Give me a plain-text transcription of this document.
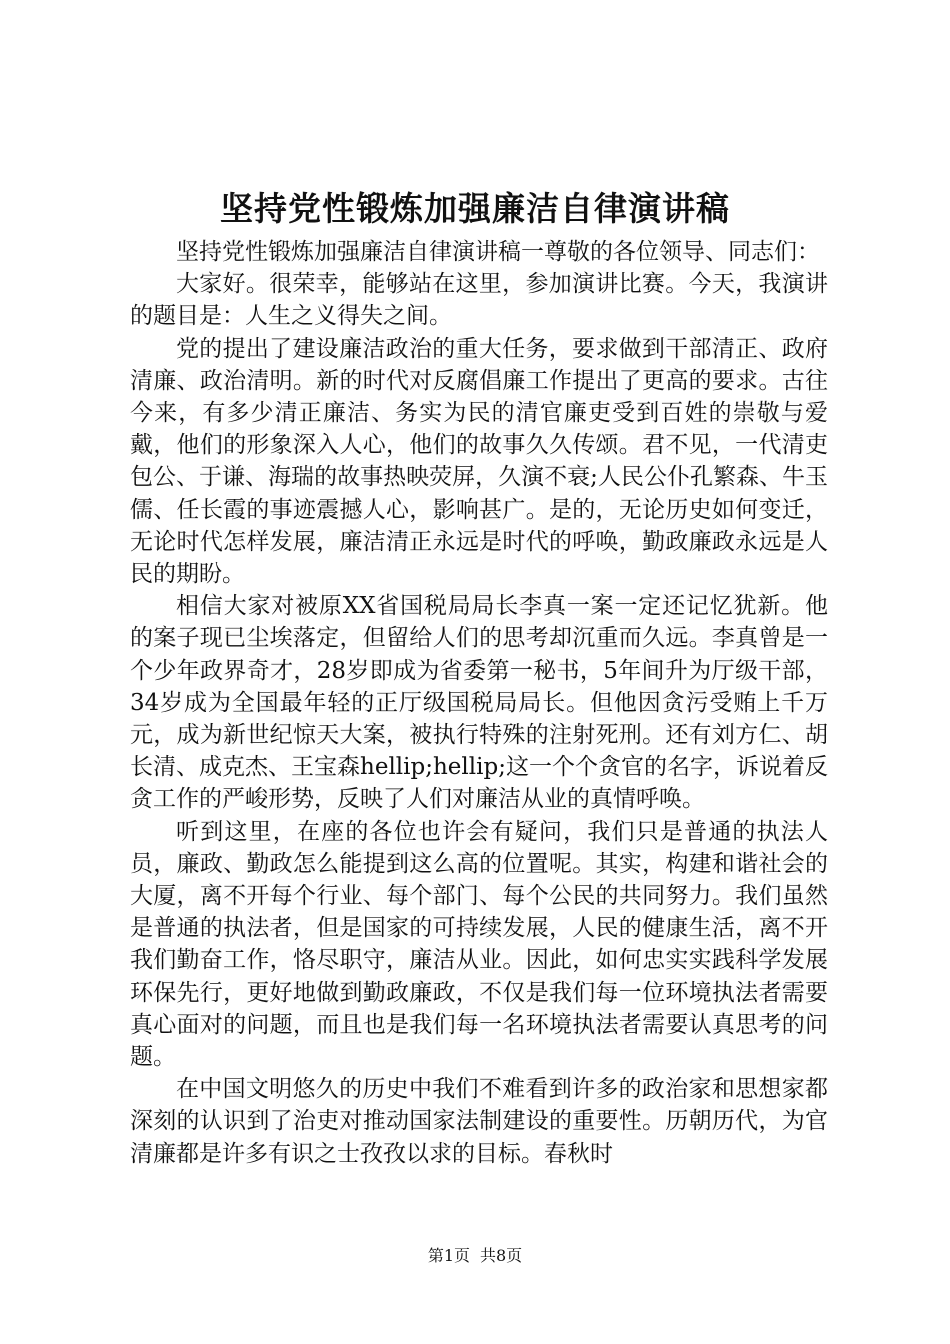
坚持党性锻炼加强廉洁自律演讲稿

坚持党性锻炼加强廉洁自律演讲稿一尊敬的各位领导、同志们：

大家好。很荣幸，能够站在这里，参加演讲比赛。今天，我演讲的题目是：人生之义得失之间。

党的提出了建设廉洁政治的重大任务，要求做到干部清正、政府清廉、政治清明。新的时代对反腐倡廉工作提出了更高的要求。古往今来，有多少清正廉洁、务实为民的清官廉吏受到百姓的崇敬与爱戴，他们的形象深入人心，他们的故事久久传颂。君不见，一代清吏包公、于谦、海瑞的故事热映荧屏，久演不衰;人民公仆孔繁森、牛玉儒、任长霞的事迹震撼人心，影响甚广。是的，无论历史如何变迁，无论时代怎样发展，廉洁清正永远是时代的呼唤，勤政廉政永远是人民的期盼。

相信大家对被原XX省国税局局长李真一案一定还记忆犹新。他的案子现已尘埃落定，但留给人们的思考却沉重而久远。李真曾是一个少年政界奇才，28岁即成为省委第一秘书，5年间升为厅级干部，34岁成为全国最年轻的正厅级国税局局长。但他因贪污受贿上千万元，成为新世纪惊天大案，被执行特殊的注射死刑。还有刘方仁、胡长清、成克杰、王宝森hellip;hellip;这一个个贪官的名字，诉说着反贪工作的严峻形势，反映了人们对廉洁从业的真情呼唤。

听到这里，在座的各位也许会有疑问，我们只是普通的执法人员，廉政、勤政怎么能提到这么高的位置呢。其实，构建和谐社会的大厦，离不开每个行业、每个部门、每个公民的共同努力。我们虽然是普通的执法者，但是国家的可持续发展，人民的健康生活，离不开我们勤奋工作，恪尽职守，廉洁从业。因此，如何忠实实践科学发展环保先行，更好地做到勤政廉政，不仅是我们每一位环境执法者需要真心面对的问题，而且也是我们每一名环境执法者需要认真思考的问题。

在中国文明悠久的历史中我们不难看到许多的政治家和思想家都深刻的认识到了治吏对推动国家法制建设的重要性。历朝历代，为官清廉都是许多有识之士孜孜以求的目标。春秋时

第1页 共8页
